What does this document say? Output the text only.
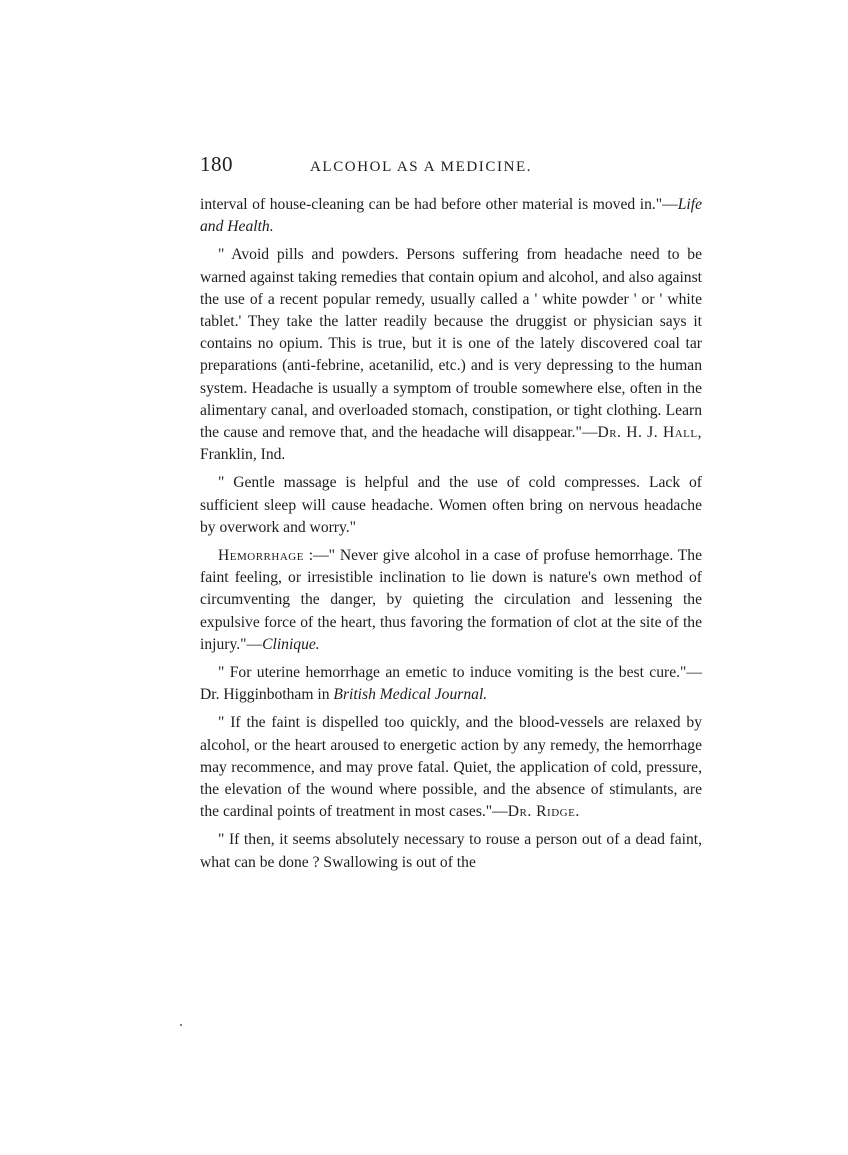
180	ALCOHOL AS A MEDICINE.

interval of house-cleaning can be had before other material is moved in."—Life and Health.

" Avoid pills and powders. Persons suffering from headache need to be warned against taking remedies that contain opium and alcohol, and also against the use of a recent popular remedy, usually called a ' white powder ' or ' white tablet.' They take the latter readily because the druggist or physician says it contains no opium. This is true, but it is one of the lately discovered coal tar preparations (anti-febrine, acetanilid, etc.) and is very depressing to the human system. Headache is usually a symptom of trouble somewhere else, often in the alimentary canal, and overloaded stomach, constipation, or tight clothing. Learn the cause and remove that, and the headache will disappear."—Dr. H. J. Hall, Franklin, Ind.

" Gentle massage is helpful and the use of cold compresses. Lack of sufficient sleep will cause headache. Women often bring on nervous headache by overwork and worry."

Hemorrhage :—" Never give alcohol in a case of profuse hemorrhage. The faint feeling, or irresistible inclination to lie down is nature's own method of circumventing the danger, by quieting the circulation and lessening the expulsive force of the heart, thus favoring the formation of clot at the site of the injury."—Clinique.

" For uterine hemorrhage an emetic to induce vomiting is the best cure."—Dr. Higginbotham in British Medical Journal.

" If the faint is dispelled too quickly, and the blood-vessels are relaxed by alcohol, or the heart aroused to energetic action by any remedy, the hemorrhage may recommence, and may prove fatal. Quiet, the application of cold, pressure, the elevation of the wound where possible, and the absence of stimulants, are the cardinal points of treatment in most cases."—Dr. Ridge.

" If then, it seems absolutely necessary to rouse a person out of a dead faint, what can be done ? Swallowing is out of the
